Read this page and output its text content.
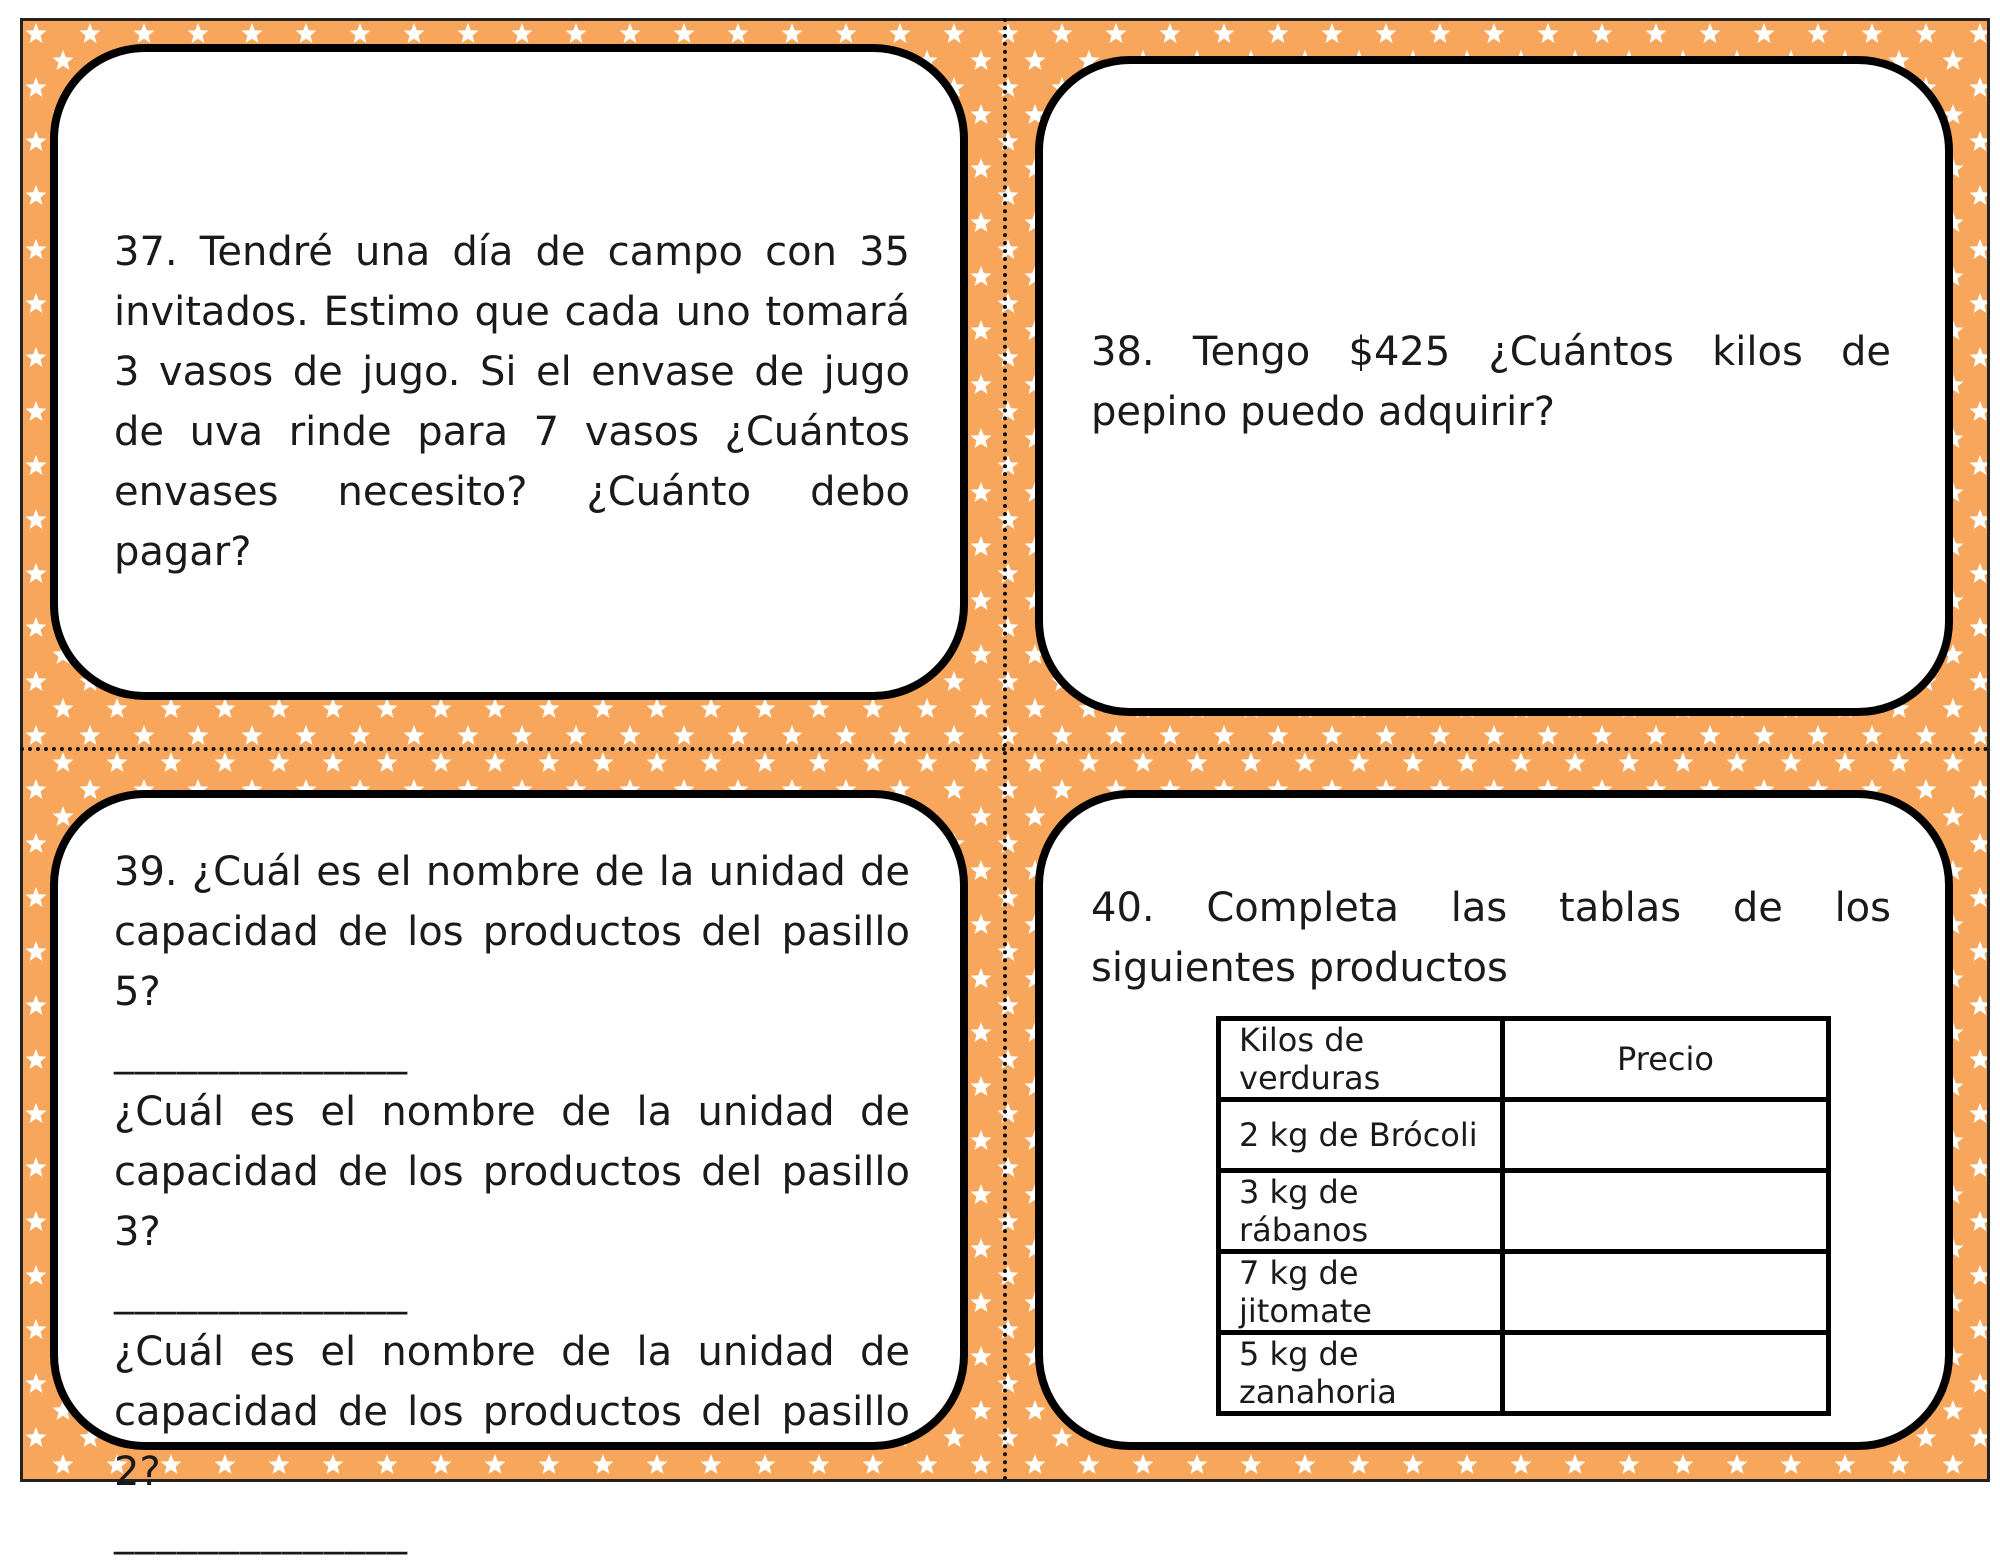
37. Tendré una día de campo con 35 invitados. Estimo que cada uno tomará 3 vasos de jugo. Si el envase de jugo de uva rinde para 7 vasos ¿Cuántos envases necesito? ¿Cuánto debo pagar?

38. Tengo $425 ¿Cuántos kilos de pepino puedo adquirir?

39. ¿Cuál es el nombre de la unidad de capacidad de los productos del pasillo 5?
______________
¿Cuál es el nombre de la unidad de capacidad de los productos del pasillo 3?
______________
¿Cuál es el nombre de la unidad de capacidad de los productos del pasillo 2?
______________

40. Completa las tablas de los siguientes productos

Kilos de verduras	Precio
2 kg de Brócoli	
3 kg de rábanos	
7 kg de jitomate	
5 kg de zanahoria	
